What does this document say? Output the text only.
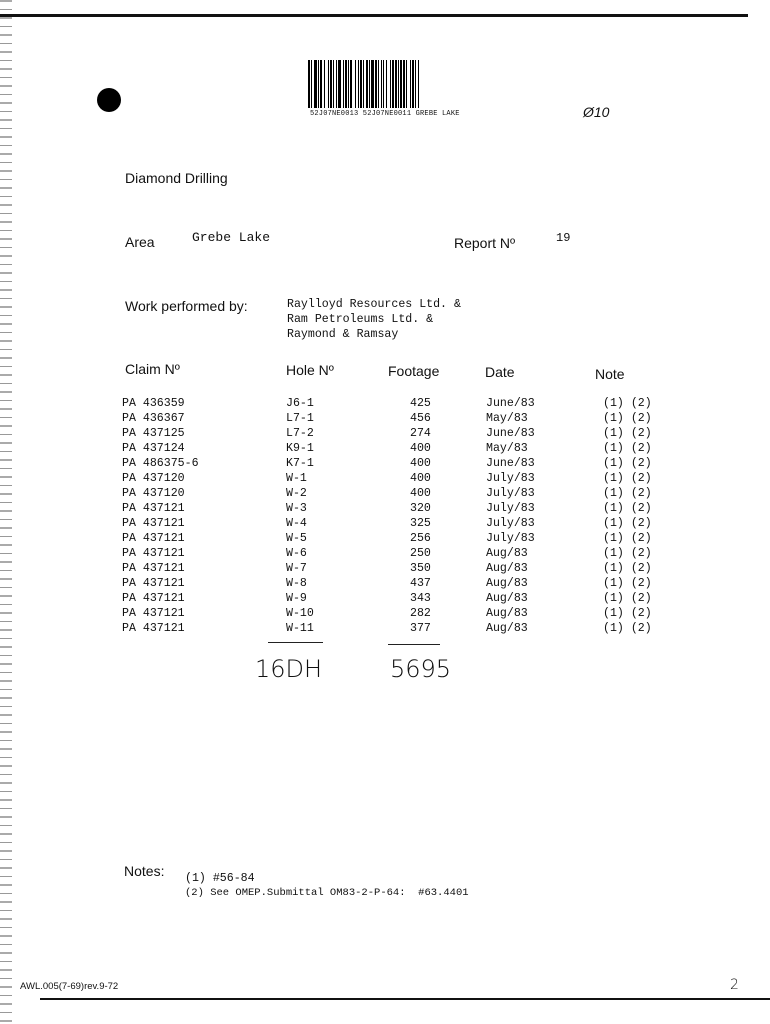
52J07NE0013 52J07NE0011 GREBE LAKE	Ø10
Diamond Drilling
Area	Grebe Lake	Report Nº	19
Work performed by:	Raylloyd Resources Ltd. &
Ram Petroleums Ltd. &
Raymond & Ramsay
Claim Nº	Hole Nº	Footage	Date	Note
PA 436359	J6-1	425	June/83	(1) (2)
PA 436367	L7-1	456	May/83	(1) (2)
PA 437125	L7-2	274	June/83	(1) (2)
PA 437124	K9-1	400	May/83	(1) (2)
PA 486375-6	K7-1	400	June/83	(1) (2)
PA 437120	W-1	400	July/83	(1) (2)
PA 437120	W-2	400	July/83	(1) (2)
PA 437121	W-3	320	July/83	(1) (2)
PA 437121	W-4	325	July/83	(1) (2)
PA 437121	W-5	256	July/83	(1) (2)
PA 437121	W-6	250	Aug/83	(1) (2)
PA 437121	W-7	350	Aug/83	(1) (2)
PA 437121	W-8	437	Aug/83	(1) (2)
PA 437121	W-9	343	Aug/83	(1) (2)
PA 437121	W-10	282	Aug/83	(1) (2)
PA 437121	W-11	377	Aug/83	(1) (2)
16DH	5695
Notes: (1) #56-84
(2) See OMEP.Submittal OM83-2-P-64:  #63.4401
AWL.005(7-69)rev.9-72	2
